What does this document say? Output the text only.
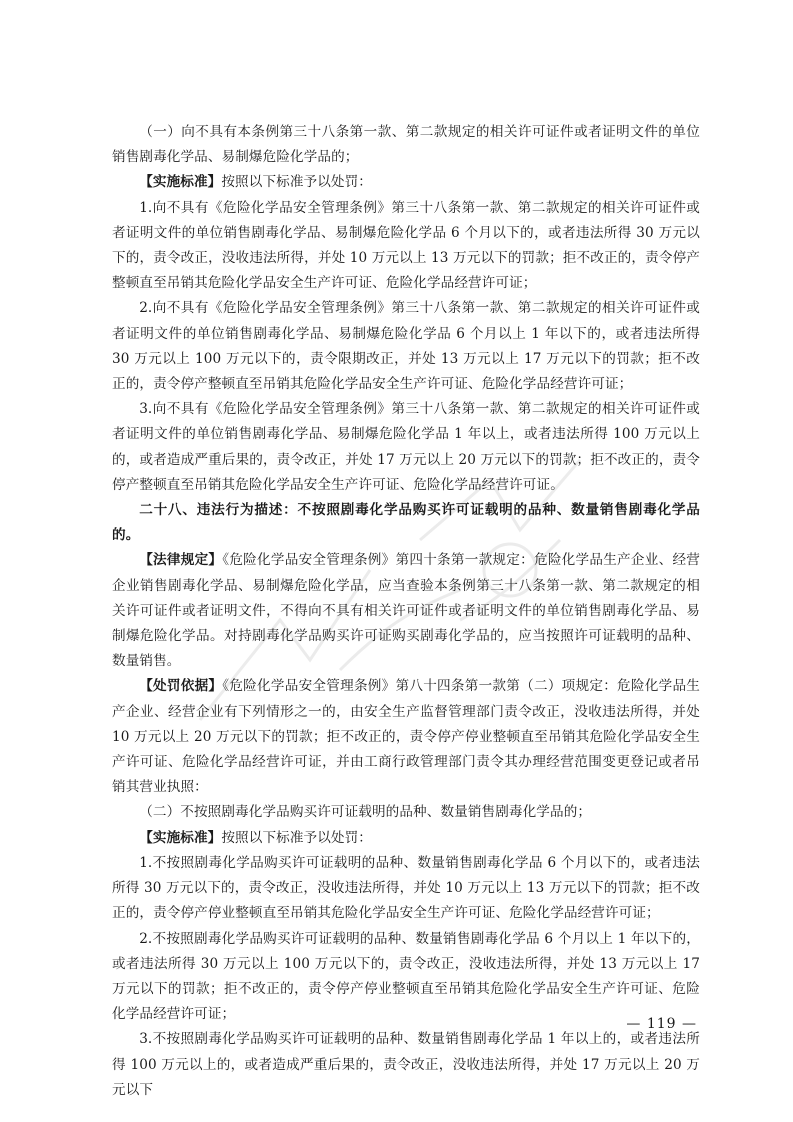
（一）向不具有本条例第三十八条第一款、第二款规定的相关许可证件或者证明文件的单位销售剧毒化学品、易制爆危险化学品的；

【实施标准】按照以下标准予以处罚：

1.向不具有《危险化学品安全管理条例》第三十八条第一款、第二款规定的相关许可证件或者证明文件的单位销售剧毒化学品、易制爆危险化学品 6 个月以下的，或者违法所得 30 万元以下的，责令改正，没收违法所得，并处 10 万元以上 13 万元以下的罚款；拒不改正的，责令停产整顿直至吊销其危险化学品安全生产许可证、危险化学品经营许可证；

2.向不具有《危险化学品安全管理条例》第三十八条第一款、第二款规定的相关许可证件或者证明文件的单位销售剧毒化学品、易制爆危险化学品 6 个月以上 1 年以下的，或者违法所得 30 万元以上 100 万元以下的，责令限期改正，并处 13 万元以上 17 万元以下的罚款；拒不改正的，责令停产整顿直至吊销其危险化学品安全生产许可证、危险化学品经营许可证；

3.向不具有《危险化学品安全管理条例》第三十八条第一款、第二款规定的相关许可证件或者证明文件的单位销售剧毒化学品、易制爆危险化学品 1 年以上，或者违法所得 100 万元以上的，或者造成严重后果的，责令改正，并处 17 万元以上 20 万元以下的罚款；拒不改正的，责令停产整顿直至吊销其危险化学品安全生产许可证、危险化学品经营许可证。

二十八、违法行为描述：不按照剧毒化学品购买许可证载明的品种、数量销售剧毒化学品的。

【法律规定】《危险化学品安全管理条例》第四十条第一款规定：危险化学品生产企业、经营企业销售剧毒化学品、易制爆危险化学品，应当查验本条例第三十八条第一款、第二款规定的相关许可证件或者证明文件，不得向不具有相关许可证件或者证明文件的单位销售剧毒化学品、易制爆危险化学品。对持剧毒化学品购买许可证购买剧毒化学品的，应当按照许可证载明的品种、数量销售。

【处罚依据】《危险化学品安全管理条例》第八十四条第一款第（二）项规定：危险化学品生产企业、经营企业有下列情形之一的，由安全生产监督管理部门责令改正，没收违法所得，并处 10 万元以上 20 万元以下的罚款；拒不改正的，责令停产停业整顿直至吊销其危险化学品安全生产许可证、危险化学品经营许可证，并由工商行政管理部门责令其办理经营范围变更登记或者吊销其营业执照：

（二）不按照剧毒化学品购买许可证载明的品种、数量销售剧毒化学品的；

【实施标准】按照以下标准予以处罚：

1.不按照剧毒化学品购买许可证载明的品种、数量销售剧毒化学品 6 个月以下的，或者违法所得 30 万元以下的，责令改正，没收违法所得，并处 10 万元以上 13 万元以下的罚款；拒不改正的，责令停产停业整顿直至吊销其危险化学品安全生产许可证、危险化学品经营许可证；

2.不按照剧毒化学品购买许可证载明的品种、数量销售剧毒化学品 6 个月以上 1 年以下的，或者违法所得 30 万元以上 100 万元以下的，责令改正，没收违法所得，并处 13 万元以上 17 万元以下的罚款；拒不改正的，责令停产停业整顿直至吊销其危险化学品安全生产许可证、危险化学品经营许可证；

3.不按照剧毒化学品购买许可证载明的品种、数量销售剧毒化学品 1 年以上的，或者违法所得 100 万元以上的，或者造成严重后果的，责令改正，没收违法所得，并处 17 万元以上 20 万元以下

— 119 —
